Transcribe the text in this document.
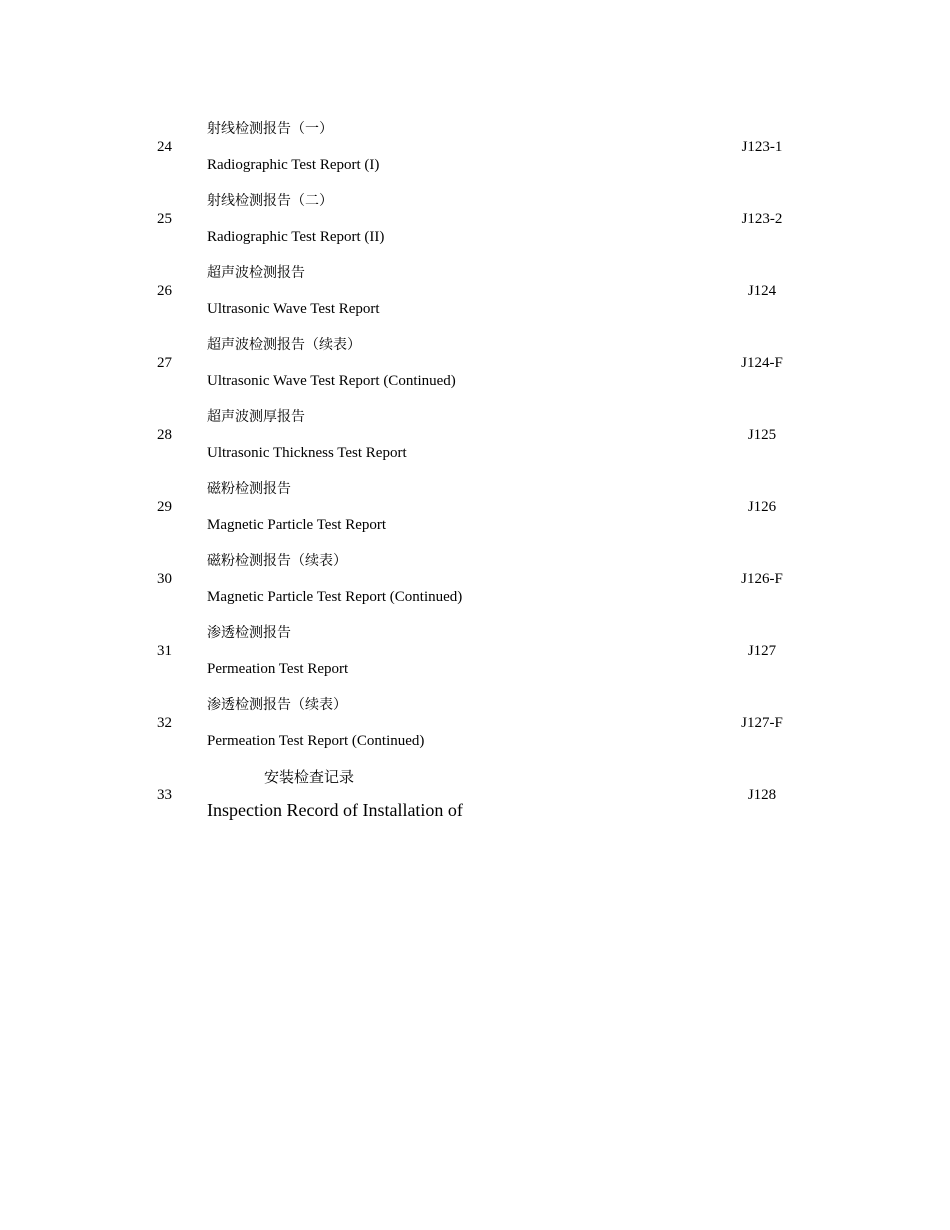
24
射线检测报告（一）
Radiographic Test Report (I)
J123-1
25
射线检测报告（二）
Radiographic Test Report (II)
J123-2
26
超声波检测报告
Ultrasonic Wave Test Report
J124
27
超声波检测报告（续表）
Ultrasonic Wave Test Report (Continued)
J124-F
28
超声波测厚报告
Ultrasonic Thickness Test Report
J125
29
磁粉检测报告
Magnetic Particle Test Report
J126
30
磁粉检测报告（续表）
Magnetic Particle Test Report (Continued)
J126-F
31
渗透检测报告
Permeation Test Report
J127
32
渗透检测报告（续表）
Permeation Test Report (Continued)
J127-F
33
安装检查记录
Inspection Record of Installation of
J128
